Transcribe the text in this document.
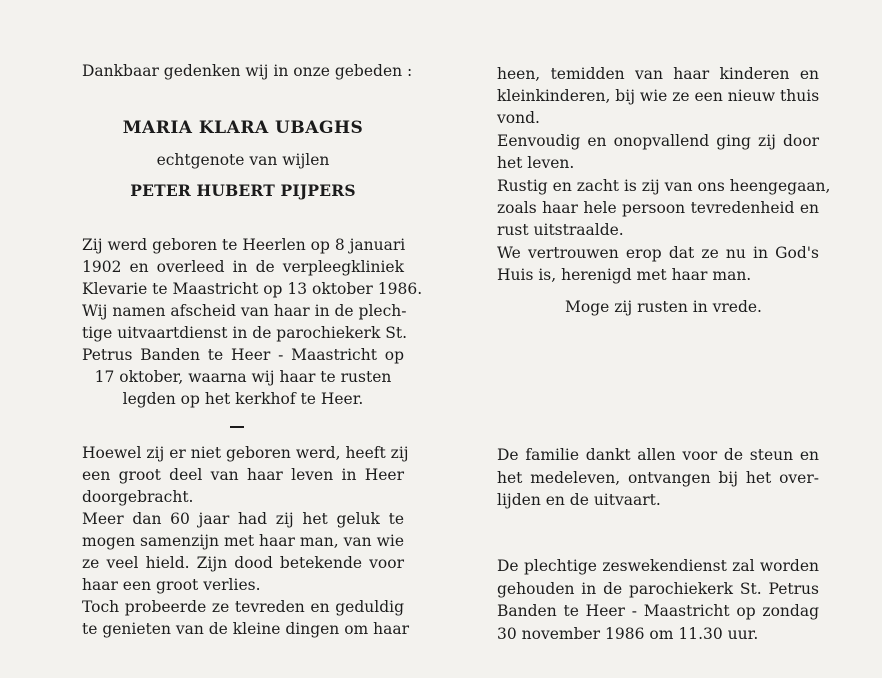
Dankbaar gedenken wij in onze gebeden :
MARIA KLARA UBAGHS
echtgenote van wijlen
PETER HUBERT PIJPERS
Zij werd geboren te Heerlen op 8 januari
1902 en overleed in de verpleegkliniek
Klevarie te Maastricht op 13 oktober 1986.
Wij namen afscheid van haar in de plech-
tige uitvaartdienst in de parochiekerk St.
Petrus Banden te Heer - Maastricht op
17 oktober, waarna wij haar te rusten
legden op het kerkhof te Heer.
Hoewel zij er niet geboren werd, heeft zij
een groot deel van haar leven in Heer
doorgebracht.
Meer dan 60 jaar had zij het geluk te
mogen samenzijn met haar man, van wie
ze veel hield. Zijn dood betekende voor
haar een groot verlies.
Toch probeerde ze tevreden en geduldig
te genieten van de kleine dingen om haar
heen, temidden van haar kinderen en
kleinkinderen, bij wie ze een nieuw thuis
vond.
Eenvoudig en onopvallend ging zij door
het leven.
Rustig en zacht is zij van ons heengegaan,
zoals haar hele persoon tevredenheid en
rust uitstraalde.
We vertrouwen erop dat ze nu in God's
Huis is, herenigd met haar man.
Moge zij rusten in vrede.
De familie dankt allen voor de steun en
het medeleven, ontvangen bij het over-
lijden en de uitvaart.
De plechtige zeswekendienst zal worden
gehouden in de parochiekerk St. Petrus
Banden te Heer - Maastricht op zondag
30 november 1986 om 11.30 uur.
